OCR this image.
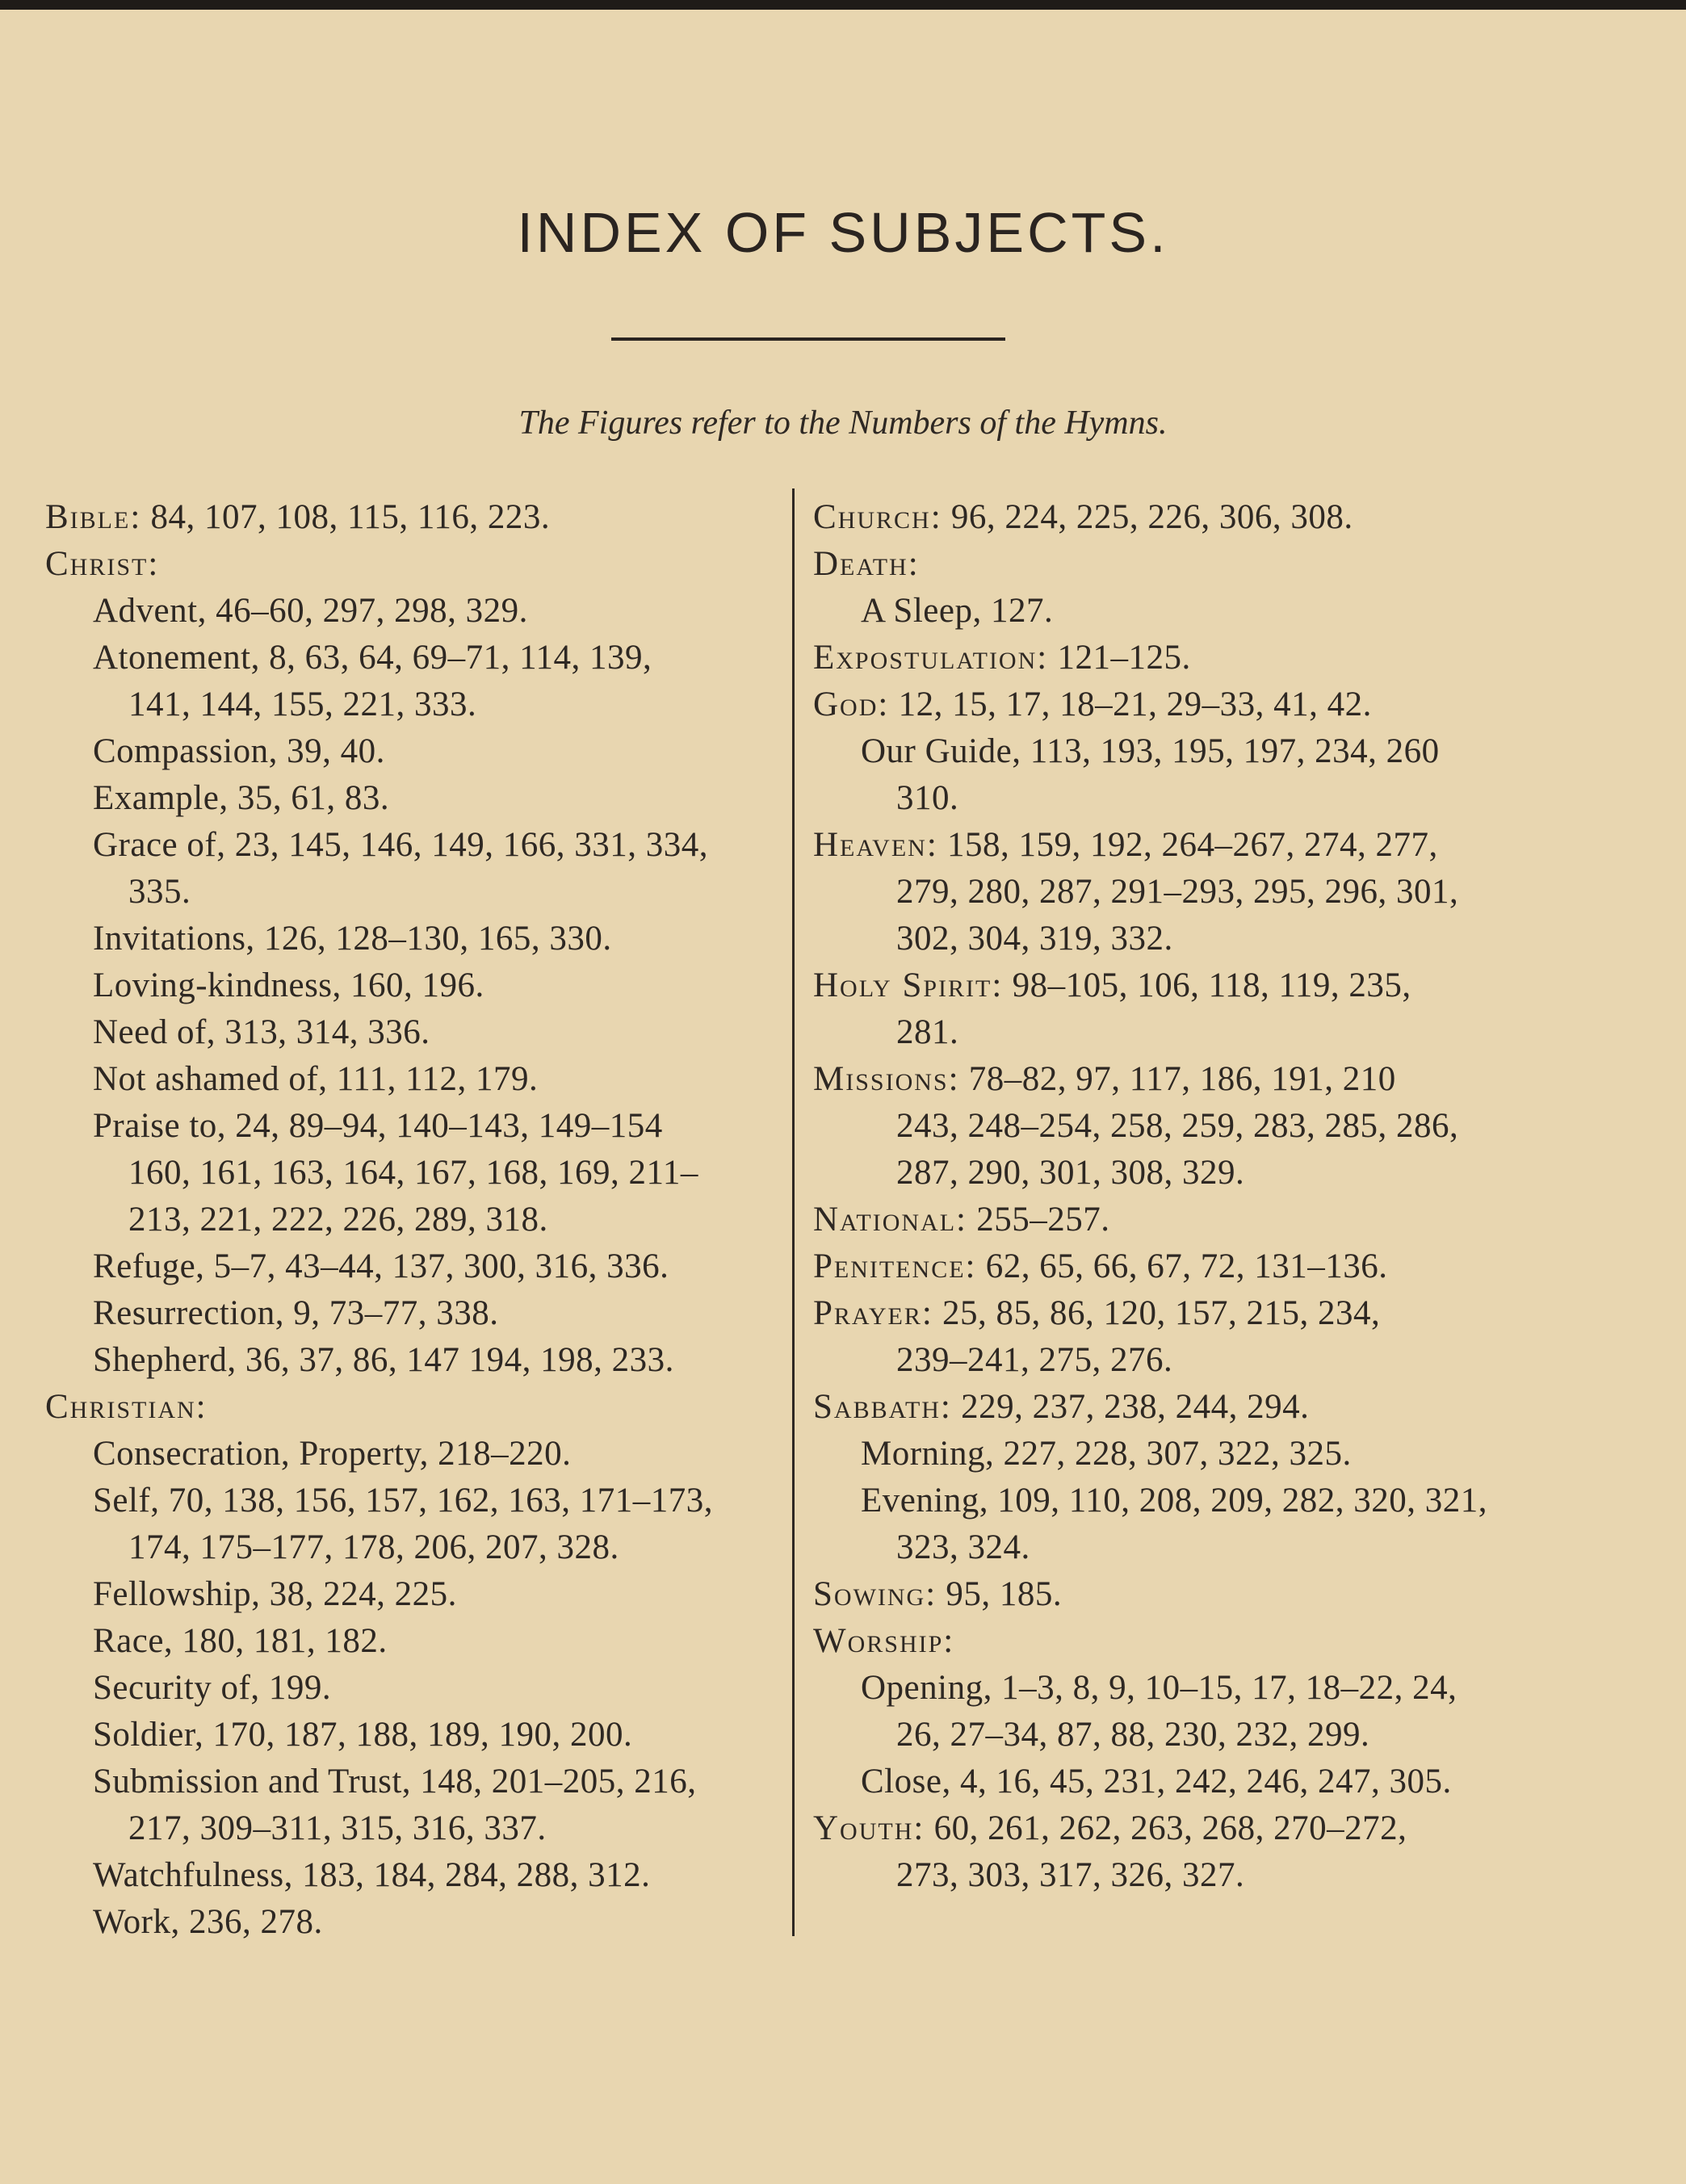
INDEX OF SUBJECTS.
The Figures refer to the Numbers of the Hymns.
Bible: 84, 107, 108, 115, 116, 223.
Christ:
Advent, 46–60, 297, 298, 329.
Atonement, 8, 63, 64, 69–71, 114, 139,
141, 144, 155, 221, 333.
Compassion, 39, 40.
Example, 35, 61, 83.
Grace of, 23, 145, 146, 149, 166, 331, 334,
335.
Invitations, 126, 128–130, 165, 330.
Loving-kindness, 160, 196.
Need of, 313, 314, 336.
Not ashamed of, 111, 112, 179.
Praise to, 24, 89–94, 140–143, 149–154
160, 161, 163, 164, 167, 168, 169, 211–
213, 221, 222, 226, 289, 318.
Refuge, 5–7, 43–44, 137, 300, 316, 336.
Resurrection, 9, 73–77, 338.
Shepherd, 36, 37, 86, 147 194, 198, 233.
Christian:
Consecration, Property, 218–220.
Self, 70, 138, 156, 157, 162, 163, 171–173,
174, 175–177, 178, 206, 207, 328.
Fellowship, 38, 224, 225.
Race, 180, 181, 182.
Security of, 199.
Soldier, 170, 187, 188, 189, 190, 200.
Submission and Trust, 148, 201–205, 216,
217, 309–311, 315, 316, 337.
Watchfulness, 183, 184, 284, 288, 312.
Work, 236, 278.
Church: 96, 224, 225, 226, 306, 308.
Death:
A Sleep, 127.
Expostulation: 121–125.
God: 12, 15, 17, 18–21, 29–33, 41, 42.
Our Guide, 113, 193, 195, 197, 234, 260
310.
Heaven: 158, 159, 192, 264–267, 274, 277,
279, 280, 287, 291–293, 295, 296, 301,
302, 304, 319, 332.
Holy Spirit: 98–105, 106, 118, 119, 235,
281.
Missions: 78–82, 97, 117, 186, 191, 210
243, 248–254, 258, 259, 283, 285, 286,
287, 290, 301, 308, 329.
National: 255–257.
Penitence: 62, 65, 66, 67, 72, 131–136.
Prayer: 25, 85, 86, 120, 157, 215, 234,
239–241, 275, 276.
Sabbath: 229, 237, 238, 244, 294.
Morning, 227, 228, 307, 322, 325.
Evening, 109, 110, 208, 209, 282, 320, 321,
323, 324.
Sowing: 95, 185.
Worship:
Opening, 1–3, 8, 9, 10–15, 17, 18–22, 24,
26, 27–34, 87, 88, 230, 232, 299.
Close, 4, 16, 45, 231, 242, 246, 247, 305.
Youth: 60, 261, 262, 263, 268, 270–272,
273, 303, 317, 326, 327.
